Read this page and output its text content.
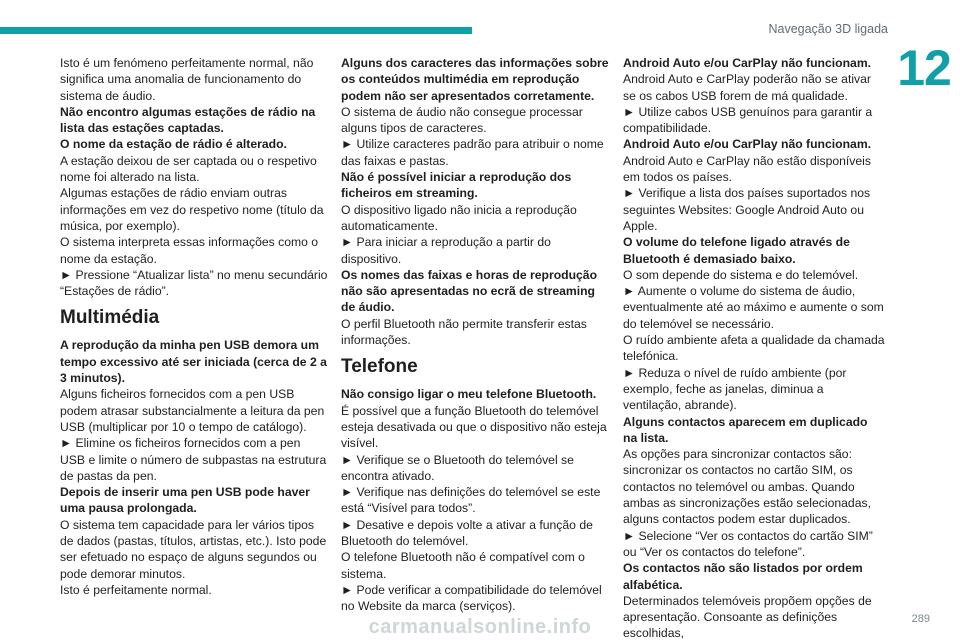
Navegação 3D ligada
12

Isto é um fenómeno perfeitamente normal, não significa uma anomalia de funcionamento do sistema de áudio.

Não encontro algumas estações de rádio na lista das estações captadas.

O nome da estação de rádio é alterado.

A estação deixou de ser captada ou o respetivo nome foi alterado na lista.

Algumas estações de rádio enviam outras informações em vez do respetivo nome (título da música, por exemplo).

O sistema interpreta essas informações como o nome da estação.

► Pressione “Atualizar lista” no menu secundário “Estações de rádio”.

Multimédia

A reprodução da minha pen USB demora um tempo excessivo até ser iniciada (cerca de 2 a 3 minutos).

Alguns ficheiros fornecidos com a pen USB podem atrasar substancialmente a leitura da pen USB (multiplicar por 10 o tempo de catálogo).

► Elimine os ficheiros fornecidos com a pen USB e limite o número de subpastas na estrutura de pastas da pen.

Depois de inserir uma pen USB pode haver uma pausa prolongada.

O sistema tem capacidade para ler vários tipos de dados (pastas, títulos, artistas, etc.). Isto pode ser efetuado no espaço de alguns segundos ou pode demorar minutos.

Isto é perfeitamente normal.

Alguns dos caracteres das informações sobre os conteúdos multimédia em reprodução podem não ser apresentados corretamente.

O sistema de áudio não consegue processar alguns tipos de caracteres.

► Utilize caracteres padrão para atribuir o nome das faixas e pastas.

Não é possível iniciar a reprodução dos ficheiros em streaming.

O dispositivo ligado não inicia a reprodução automaticamente.

► Para iniciar a reprodução a partir do dispositivo.

Os nomes das faixas e horas de reprodução não são apresentadas no ecrã de streaming de áudio.

O perfil Bluetooth não permite transferir estas informações.

Telefone

Não consigo ligar o meu telefone Bluetooth.

É possível que a função Bluetooth do telemóvel esteja desativada ou que o dispositivo não esteja visível.

► Verifique se o Bluetooth do telemóvel se encontra ativado.

► Verifique nas definições do telemóvel se este está “Visível para todos”.

► Desative e depois volte a ativar a função de Bluetooth do telemóvel.

O telefone Bluetooth não é compatível com o sistema.

► Pode verificar a compatibilidade do telemóvel no Website da marca (serviços).

Android Auto e/ou CarPlay não funcionam.

Android Auto e CarPlay poderão não se ativar se os cabos USB forem de má qualidade.

► Utilize cabos USB genuínos para garantir a compatibilidade.

Android Auto e/ou CarPlay não funcionam.

Android Auto e CarPlay não estão disponíveis em todos os países.

► Verifique a lista dos países suportados nos seguintes Websites: Google Android Auto ou Apple.

O volume do telefone ligado através de Bluetooth é demasiado baixo.

O som depende do sistema e do telemóvel.

► Aumente o volume do sistema de áudio, eventualmente até ao máximo e aumente o som do telemóvel se necessário.

O ruído ambiente afeta a qualidade da chamada telefónica.

► Reduza o nível de ruído ambiente (por exemplo, feche as janelas, diminua a ventilação, abrande).

Alguns contactos aparecem em duplicado na lista.

As opções para sincronizar contactos são: sincronizar os contactos no cartão SIM, os contactos no telemóvel ou ambas. Quando ambas as sincronizações estão selecionadas, alguns contactos podem estar duplicados.

► Selecione “Ver os contactos do cartão SIM” ou “Ver os contactos do telefone”.

Os contactos não são listados por ordem alfabética.

Determinados telemóveis propõem opções de apresentação. Consoante as definições escolhidas,

289
carmanualsonline.info
